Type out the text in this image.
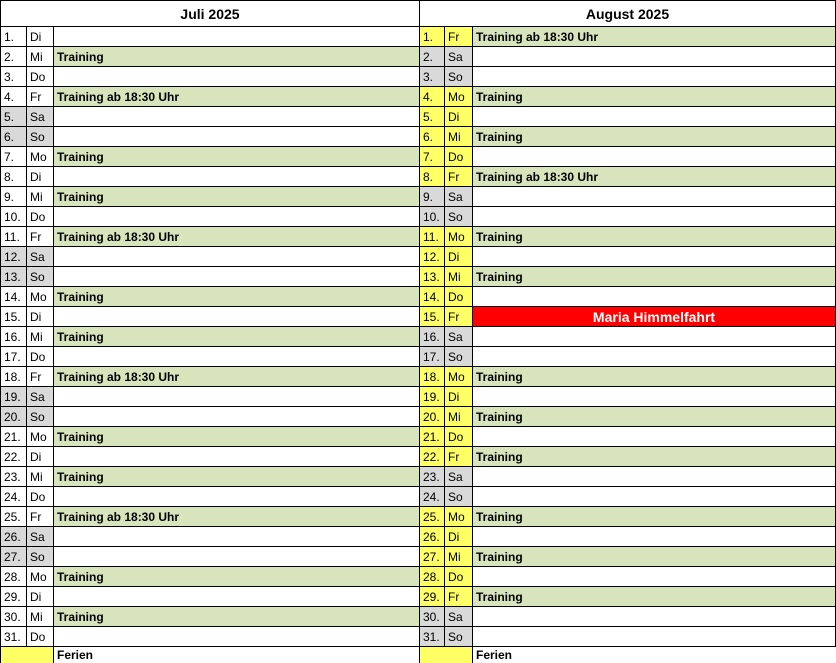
Juli 2025
1.	Di
2.	Mi	Training
3.	Do
4.	Fr	Training ab 18:30 Uhr
5.	Sa
6.	So
7.	Mo Training
8.	Di
9.	Mi	Training
10. Do
11. Fr	Training ab 18:30 Uhr
12. Sa
13. So
14. Mo Training
15. Di
16. Mi	Training
17. Do
18. Fr	Training ab 18:30 Uhr
19. Sa
20. So
21. Mo Training
22. Di
23. Mi	Training
24. Do
25. Fr	Training ab 18:30 Uhr
26. Sa
27. So
28. Mo Training
29. Di
30. Mi	Training
31. Do
Ferien
August 2025
1.	Fr	Training ab 18:30 Uhr
2.	Sa
3.	So
4.	Mo Training
5.	Di
6.	Mi	Training
7.	Do
8.	Fr	Training ab 18:30 Uhr
9.	Sa
10. So
11. Mo Training
12. Di
13. Mi	Training
14. Do
15. Fr	Maria Himmelfahrt
16. Sa
17. So
18. Mo Training
19. Di
20. Mi	Training
21. Do
22. Fr	Training
23. Sa
24. So
25. Mo Training
26. Di
27. Mi	Training
28. Do
29. Fr	Training
30. Sa
31. So
Ferien
